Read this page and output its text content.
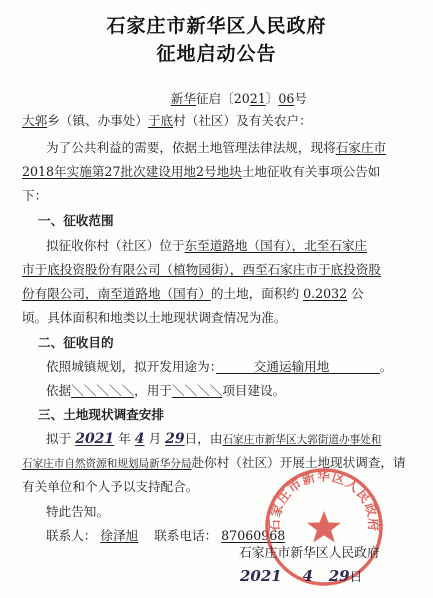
石家庄市新华区人民政府
征地启动公告
新华征启〔2021〕06号
大郭乡（镇、办事处）于底村（社区）及有关农户：
为了公共利益的需要，依据土地管理法律法规，现将石家庄市
2018年实施第27批次建设用地2号地块土地征收有关事项公告如
下：
一、征收范围
拟征收你村（社区）位于东至道路地（国有），北至石家庄
市于底投资股份有限公司（植物园街），西至石家庄市于底投资股
份有限公司，南至道路地（国有）的土地，面积约 0.2032 公
顷。具体面积和地类以土地现状调查情况为准。
二、征收目的
依照城镇规划，拟开发用途为：　　　交通运输用地　　　　。
依据＼＼＼＼＼，用于＼＼＼＼项目建设。
三、土地现状调查安排
拟于 2021 年 4 月 29日，由石家庄市新华区大郭街道办事处和
石家庄市自然资源和规划局新华分局赴你村（社区）开展土地现状调查，请
有关单位和个人予以支持配合。
特此告知。
联系人： 徐泽旭 联系电话： 87060968
石家庄市新华区人民政府
石家庄市新华区人民政府
2021 4 29日
